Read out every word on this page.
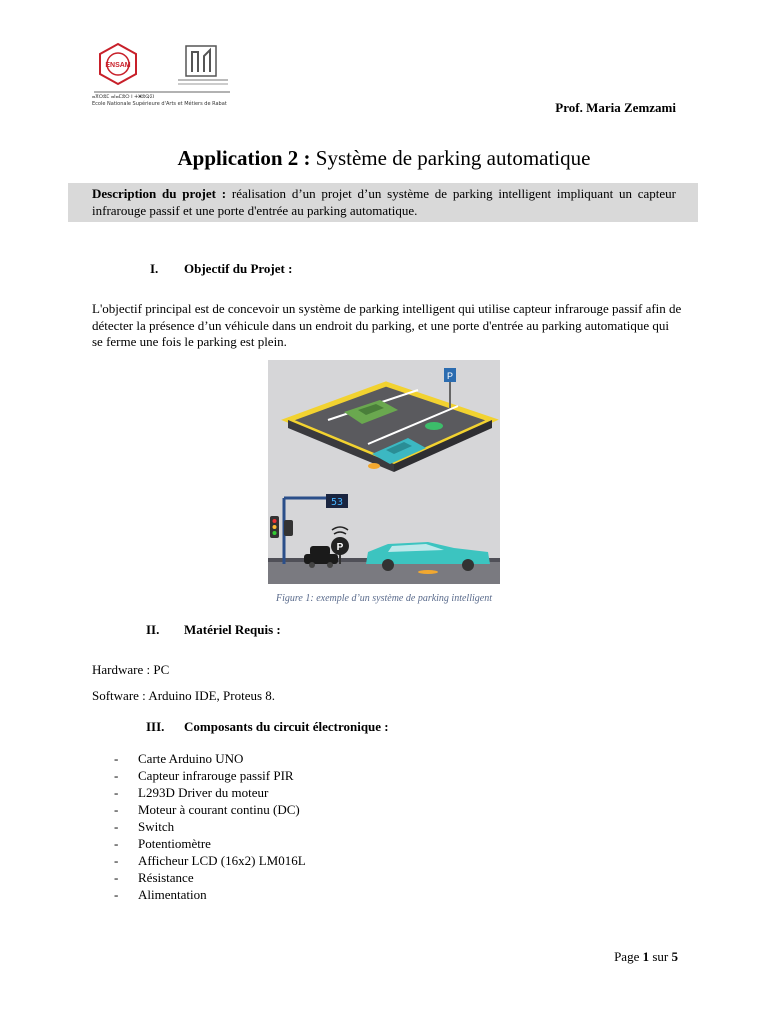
ENSAM
ⴰⴳⵔⵓⵎ ⴰⵏⴰⵎⵓⵔ ⵏ ⵜⵥⵓⵕⵉⵏ
Ecole Nationale Supérieure d'Arts et Métiers de Rabat	Prof. Maria Zemzami
Application 2 : Système de parking automatique
Description du projet : réalisation d’un projet d’un système de parking intelligent impliquant un capteur infrarouge passif et une porte d'entrée au parking automatique.
I. Objectif du Projet :
L'objectif principal est de concevoir un système de parking intelligent qui utilise capteur infrarouge passif afin de détecter la présence d’un véhicule dans un endroit du parking, et une porte d'entrée au parking automatique qui se ferme une fois le parking est plein.
P
53
P
Figure 1: exemple d’un système de parking intelligent
II. Matériel Requis :
Hardware : PC
Software : Arduino IDE, Proteus 8.
III. Composants du circuit électronique :
- Carte Arduino UNO
- Capteur infrarouge passif PIR
- L293D Driver du moteur
- Moteur à courant continu (DC)
- Switch
- Potentiomètre
- Afficheur LCD (16x2) LM016L
- Résistance
- Alimentation
Page 1 sur 5
